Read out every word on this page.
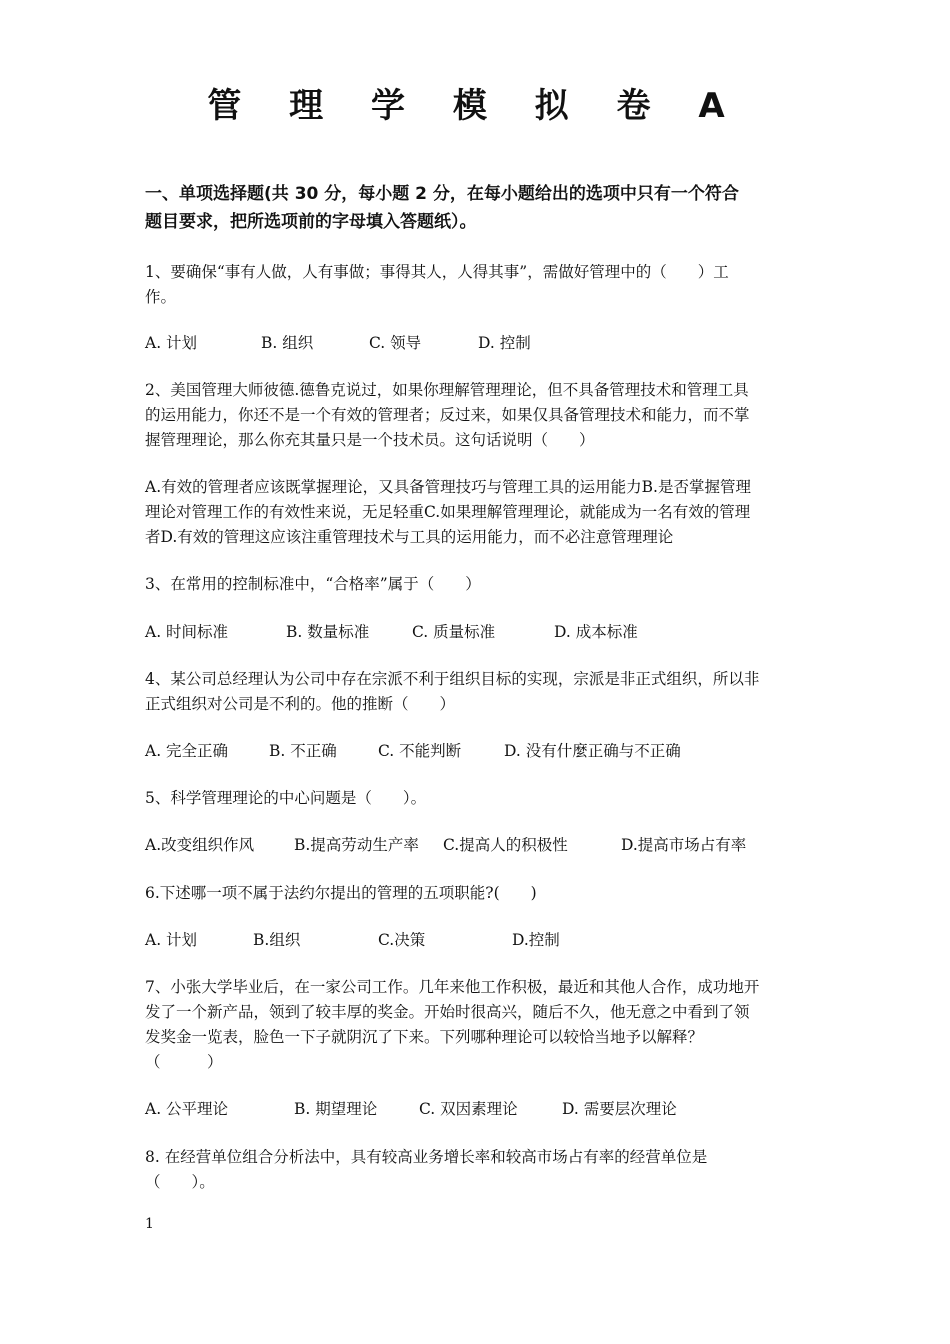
管 理 学 模 拟 卷 A
一、单项选择题(共 30 分，每小题 2 分，在每小题给出的选项中只有一个符合
题目要求，把所选项前的字母填入答题纸）。
1、要确保“事有人做，人有事做；事得其人，人得其事”，需做好管理中的（　　）工
作。
A. 计划	B. 组织	C. 领导	D. 控制
2、美国管理大师彼德.德鲁克说过，如果你理解管理理论，但不具备管理技术和管理工具
的运用能力，你还不是一个有效的管理者；反过来，如果仅具备管理技术和能力，而不掌
握管理理论，那么你充其量只是一个技术员。这句话说明（　　）
A.有效的管理者应该既掌握理论，又具备管理技巧与管理工具的运用能力B.是否掌握管理
理论对管理工作的有效性来说，无足轻重C.如果理解管理理论，就能成为一名有效的管理
者D.有效的管理这应该注重管理技术与工具的运用能力，而不必注意管理理论
3、在常用的控制标准中，“合格率”属于（　　）
A. 时间标准	B. 数量标准	C. 质量标准	D. 成本标准
4、某公司总经理认为公司中存在宗派不利于组织目标的实现，宗派是非正式组织，所以非
正式组织对公司是不利的。他的推断（　　）
A. 完全正确	B. 不正确	C. 不能判断	D. 没有什麼正确与不正确
5、科学管理理论的中心问题是（　　）。
A.改变组织作风	B.提高劳动生产率 C.提高人的积极性	D.提高市场占有率
6.下述哪一项不属于法约尔提出的管理的五项职能?(　　)
A. 计划	B.组织	C.决策	D.控制
7、小张大学毕业后，在一家公司工作。几年来他工作积极，最近和其他人合作，成功地开
发了一个新产品，领到了较丰厚的奖金。开始时很高兴，随后不久，他无意之中看到了领
发奖金一览表，脸色一下子就阴沉了下来。下列哪种理论可以较恰当地予以解释？
（　　　）
A. 公平理论	B. 期望理论	C. 双因素理论	D. 需要层次理论
8. 在经营单位组合分析法中，具有较高业务增长率和较高市场占有率的经营单位是
（　　）。
1
